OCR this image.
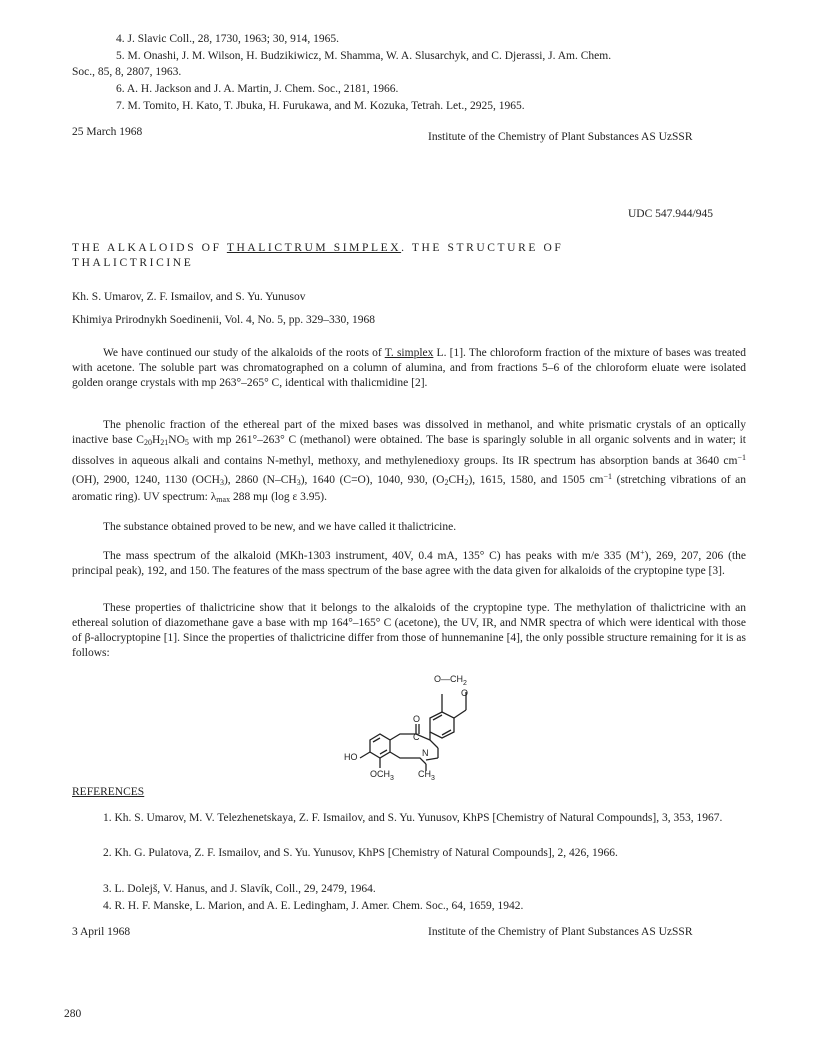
4. J. Slavic Coll., 28, 1730, 1963; 30, 914, 1965.
5. M. Onashi, J. M. Wilson, H. Budzikiwicz, M. Shamma, W. A. Slusarchyk, and C. Djerassi, J. Am. Chem.
Soc., 85, 8, 2807, 1963.
6. A. H. Jackson and J. A. Martin, J. Chem. Soc., 2181, 1966.
7. M. Tomito, H. Kato, T. Jbuka, H. Furukawa, and M. Kozuka, Tetrah. Let., 2925, 1965.
25 March 1968	Institute of the Chemistry of Plant Substances AS UzSSR
UDC 547.944/945
THE ALKALOIDS OF THALICTRUM SIMPLEX. THE STRUCTURE OF
THALICTRICINE
Kh. S. Umarov, Z. F. Ismailov, and S. Yu. Yunusov
Khimiya Prirodnykh Soedinenii, Vol. 4, No. 5, pp. 329–330, 1968
We have continued our study of the alkaloids of the roots of T. simplex L. [1]. The chloroform fraction of the mixture of bases was treated with acetone. The soluble part was chromatographed on a column of alumina, and from fractions 5–6 of the chloroform eluate were isolated golden orange crystals with mp 263°–265° C, identical with thalicmidine [2].
The phenolic fraction of the ethereal part of the mixed bases was dissolved in methanol, and white prismatic crystals of an optically inactive base $C_{20}H_{21}NO_5$ with mp 261°–263° C (methanol) were obtained. The base is sparingly soluble in all organic solvents and in water; it dissolves in aqueous alkali and contains N-methyl, methoxy, and methylenedioxy groups. Its IR spectrum has absorption bands at 3640 $cm^{-1}$ (OH), 2900, 1240, 1130 $(OCH_3)$, 2860 $(N-CH_3)$, 1640 (C=O), 1040, 930, $(O_2CH_2)$, 1615, 1580, and 1505 $cm^{-1}$ (stretching vibrations of an aromatic ring). UV spectrum: $\lambda_{max}$ 288 mμ (log ε 3.95).
The substance obtained proved to be new, and we have called it thalictricine.
The mass spectrum of the alkaloid (MKh-1303 instrument, 40V, 0.4 mA, 135° C) has peaks with m/e 335 (M+), 269, 207, 206 (the principal peak), 192, and 150. The features of the mass spectrum of the base agree with the data given for alkaloids of the cryptopine type [3].
These properties of thalictricine show that it belongs to the alkaloids of the cryptopine type. The methylation of thalictricine with an ethereal solution of diazomethane gave a base with mp 164°–165° C (acetone), the UV, IR, and NMR spectra of which were identical with those of β-allocryptopine [1]. Since the properties of thalictricine differ from those of hunnemanine [4], the only possible structure remaining for it is as follows:
$O—CH_2$
O
O
C
N
HO
$OCH_3$	$CH_3$
REFERENCES
1. Kh. S. Umarov, M. V. Telezhenetskaya, Z. F. Ismailov, and S. Yu. Yunusov, KhPS [Chemistry of Natural Compounds], 3, 353, 1967.
2. Kh. G. Pulatova, Z. F. Ismailov, and S. Yu. Yunusov, KhPS [Chemistry of Natural Compounds], 2, 426, 1966.
3. L. Dolejš, V. Hanus, and J. Slavík, Coll., 29, 2479, 1964.
4. R. H. F. Manske, L. Marion, and A. E. Ledingham, J. Amer. Chem. Soc., 64, 1659, 1942.
3 April 1968	Institute of the Chemistry of Plant Substances AS UzSSR
280
